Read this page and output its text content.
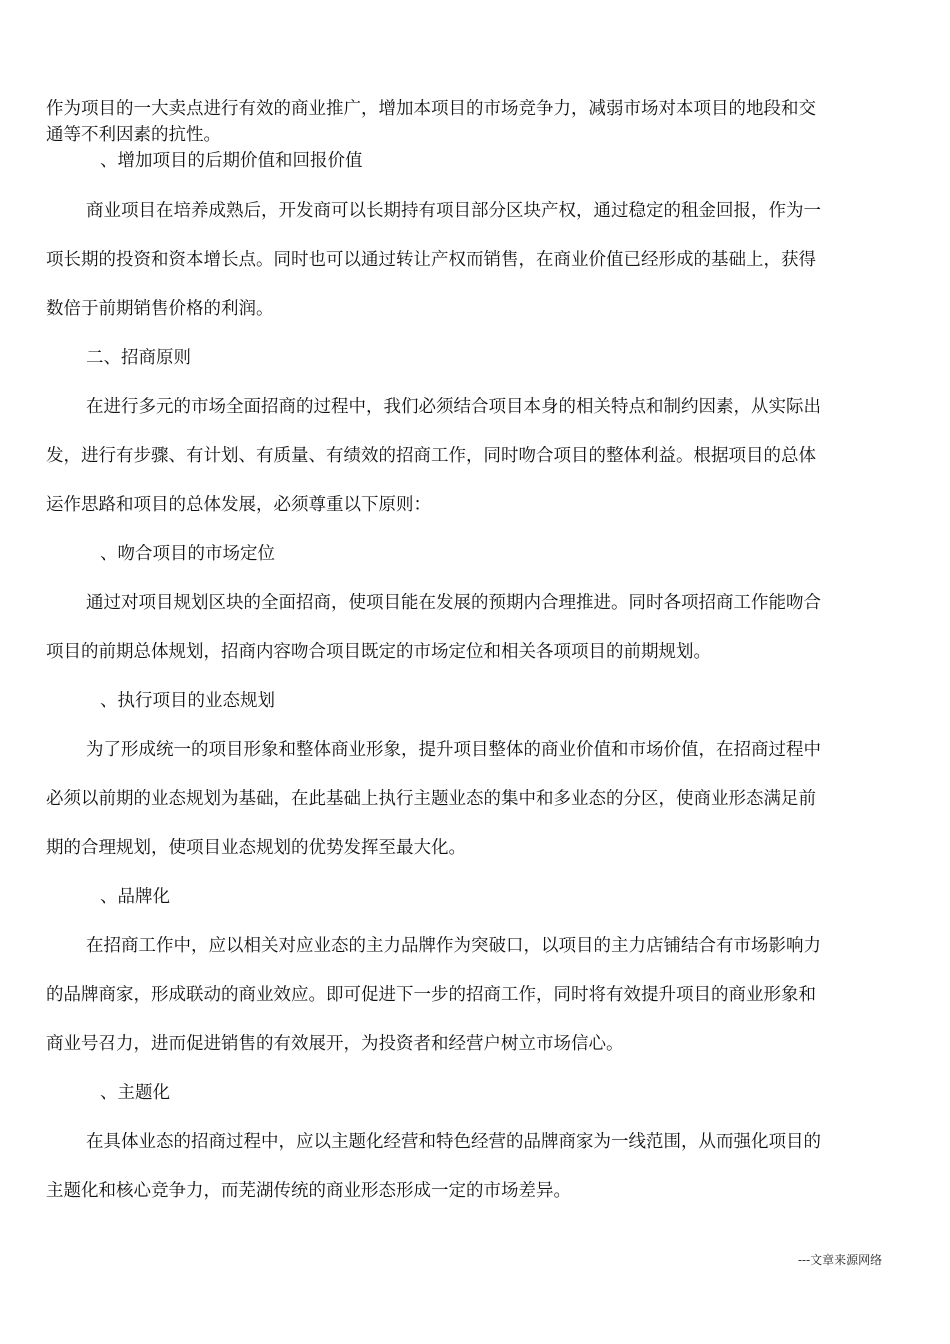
作为项目的一大卖点进行有效的商业推广，增加本项目的市场竞争力，减弱市场对本项目的地段和交
通等不利因素的抗性。
、增加项目的后期价值和回报价值
商业项目在培养成熟后，开发商可以长期持有项目部分区块产权，通过稳定的租金回报，作为一
项长期的投资和资本增长点。同时也可以通过转让产权而销售，在商业价值已经形成的基础上，获得
数倍于前期销售价格的利润。
二、招商原则
在进行多元的市场全面招商的过程中，我们必须结合项目本身的相关特点和制约因素，从实际出
发，进行有步骤、有计划、有质量、有绩效的招商工作，同时吻合项目的整体利益。根据项目的总体
运作思路和项目的总体发展，必须尊重以下原则：
、吻合项目的市场定位
通过对项目规划区块的全面招商，使项目能在发展的预期内合理推进。同时各项招商工作能吻合
项目的前期总体规划，招商内容吻合项目既定的市场定位和相关各项项目的前期规划。
、执行项目的业态规划
为了形成统一的项目形象和整体商业形象，提升项目整体的商业价值和市场价值，在招商过程中
必须以前期的业态规划为基础，在此基础上执行主题业态的集中和多业态的分区，使商业形态满足前
期的合理规划，使项目业态规划的优势发挥至最大化。
、品牌化
在招商工作中，应以相关对应业态的主力品牌作为突破口，以项目的主力店铺结合有市场影响力
的品牌商家，形成联动的商业效应。即可促进下一步的招商工作，同时将有效提升项目的商业形象和
商业号召力，进而促进销售的有效展开，为投资者和经营户树立市场信心。
、主题化
在具体业态的招商过程中，应以主题化经营和特色经营的品牌商家为一线范围，从而强化项目的
主题化和核心竞争力，而芜湖传统的商业形态形成一定的市场差异。
---文章来源网络
